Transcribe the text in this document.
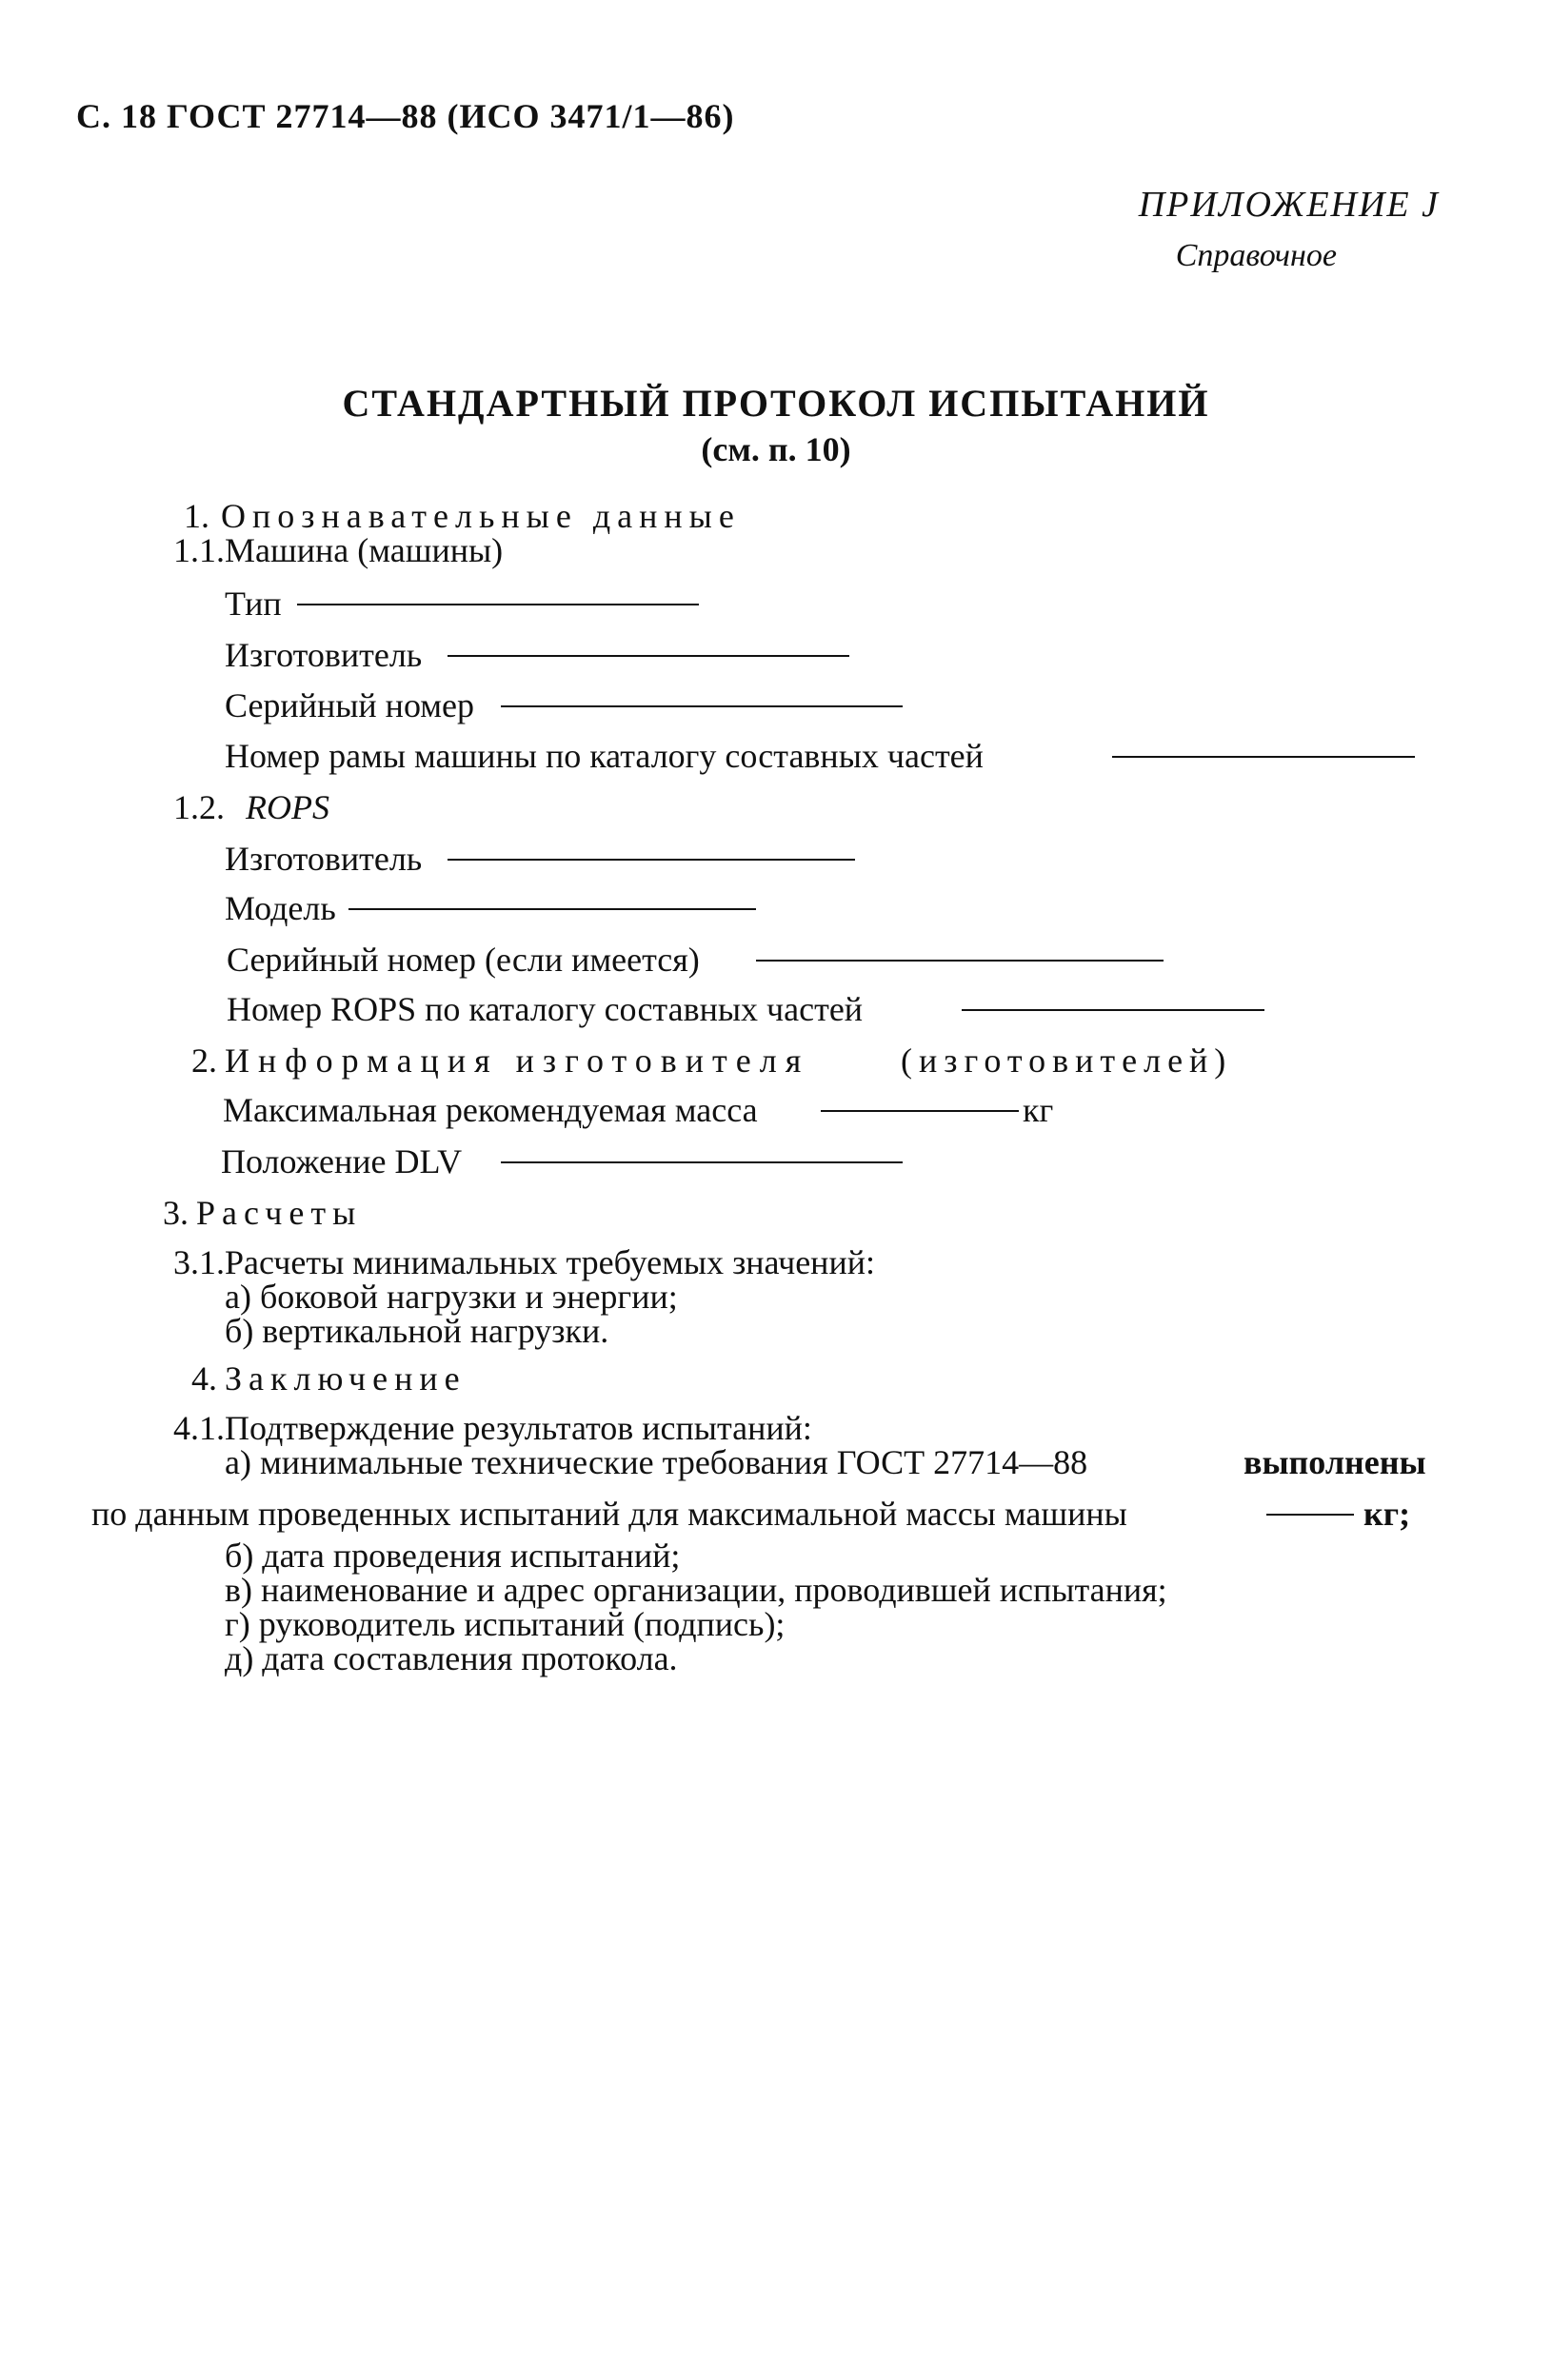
С. 18 ГОСТ 27714—88 (ИСО 3471/1—86)
ПРИЛОЖЕНИЕ J
Справочное
СТАНДАРТНЫЙ ПРОТОКОЛ ИСПЫТАНИЙ
(см. п. 10)
1. Опознавательные данные
1.1. Машина (машины)
Тип
Изготовитель
Серийный номер
Номер рамы машины по каталогу составных частей
1.2. ROPS
Изготовитель
Модель
Серийный номер (если имеется)
Номер ROPS по каталогу составных частей
2. Информация изготовителя	(изготовителей)
Максимальная рекомендуемая масса	кг
Положение DLV
3. Расчеты
3.1. Расчеты минимальных требуемых значений:
а) боковой нагрузки и энергии;
б) вертикальной нагрузки.
4. Заключение
4.1. Подтверждение результатов испытаний:
а) минимальные технические требования ГОСТ 27714—88	выполнены
по данным проведенных испытаний для максимальной массы машины	кг;
б) дата проведения испытаний;
в) наименование и адрес организации, проводившей испытания;
г) руководитель испытаний (подпись);
д) дата составления протокола.
